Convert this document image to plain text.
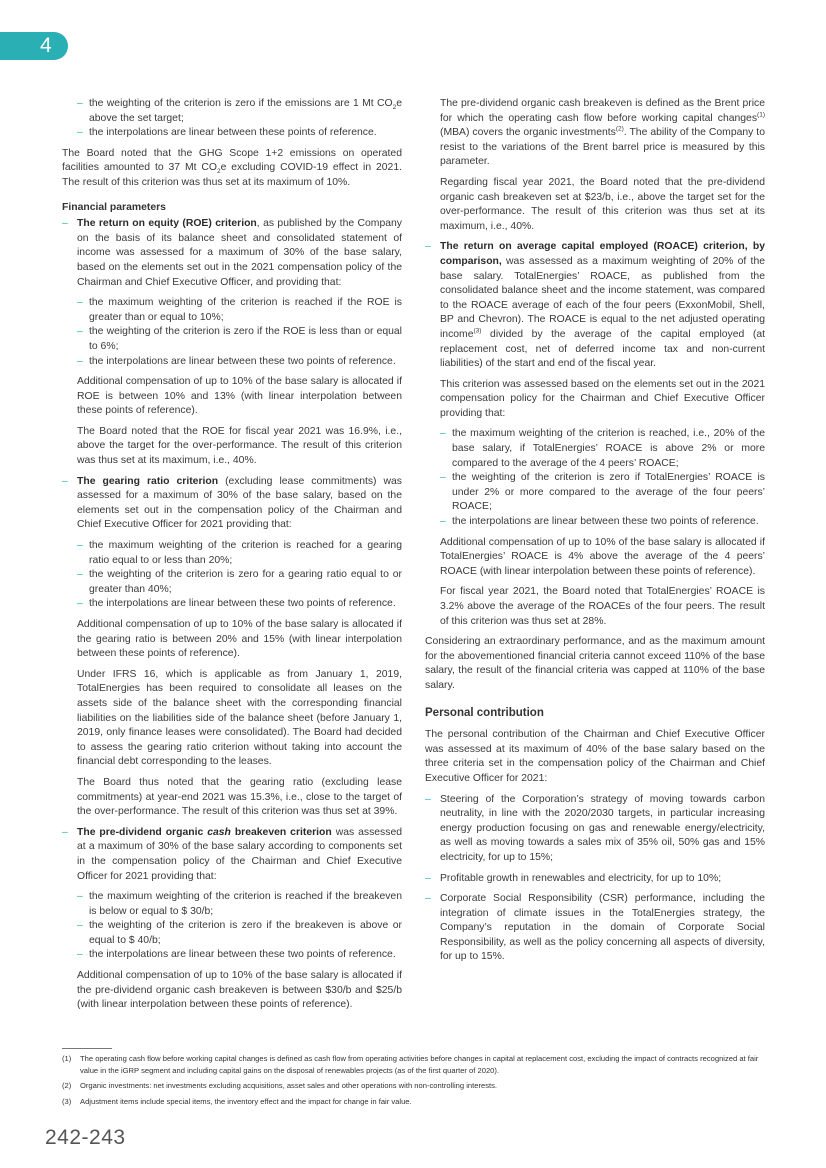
4

– the weighting of the criterion is zero if the emissions are 1 Mt $CO_2e$ above the set target;

– the interpolations are linear between these points of reference.

The Board noted that the GHG Scope 1+2 emissions on operated facilities amounted to 37 Mt $CO_2e$ excluding COVID-19 effect in 2021. The result of this criterion was thus set at its maximum of 10%.

Financial parameters

– The return on equity (ROE) criterion, as published by the Company on the basis of its balance sheet and consolidated statement of income was assessed for a maximum of 30% of the base salary, based on the elements set out in the 2021 compensation policy of the Chairman and Chief Executive Officer, and providing that:

– the maximum weighting of the criterion is reached if the ROE is greater than or equal to 10%;

– the weighting of the criterion is zero if the ROE is less than or equal to 6%;

– the interpolations are linear between these two points of reference.

Additional compensation of up to 10% of the base salary is allocated if ROE is between 10% and 13% (with linear interpolation between these points of reference).

The Board noted that the ROE for fiscal year 2021 was 16.9%, i.e., above the target for the over-performance. The result of this criterion was thus set at its maximum, i.e., 40%.

– The gearing ratio criterion (excluding lease commitments) was assessed for a maximum of 30% of the base salary, based on the elements set out in the compensation policy of the Chairman and Chief Executive Officer for 2021 providing that:

– the maximum weighting of the criterion is reached for a gearing ratio equal to or less than 20%;

– the weighting of the criterion is zero for a gearing ratio equal to or greater than 40%;

– the interpolations are linear between these two points of reference.

Additional compensation of up to 10% of the base salary is allocated if the gearing ratio is between 20% and 15% (with linear interpolation between these points of reference).

Under IFRS 16, which is applicable as from January 1, 2019, TotalEnergies has been required to consolidate all leases on the assets side of the balance sheet with the corresponding financial liabilities on the liabilities side of the balance sheet (before January 1, 2019, only finance leases were consolidated). The Board had decided to assess the gearing ratio criterion without taking into account the financial debt corresponding to the leases.

The Board thus noted that the gearing ratio (excluding lease commitments) at year-end 2021 was 15.3%, i.e., close to the target of the over-performance. The result of this criterion was thus set at 39%.

– The pre-dividend organic cash breakeven criterion was assessed at a maximum of 30% of the base salary according to components set in the compensation policy of the Chairman and Chief Executive Officer for 2021 providing that:

– the maximum weighting of the criterion is reached if the breakeven is below or equal to $ 30/b;

– the weighting of the criterion is zero if the breakeven is above or equal to $ 40/b;

– the interpolations are linear between these two points of reference.

Additional compensation of up to 10% of the base salary is allocated if the pre-dividend organic cash breakeven is between $30/b and $25/b (with linear interpolation between these points of reference).

The pre-dividend organic cash breakeven is defined as the Brent price for which the operating cash flow before working capital changes$^{(1)}$ (MBA) covers the organic investments$^{(2)}$. The ability of the Company to resist to the variations of the Brent barrel price is measured by this parameter.

Regarding fiscal year 2021, the Board noted that the pre-dividend organic cash breakeven set at $23/b, i.e., above the target set for the over-performance. The result of this criterion was thus set at its maximum, i.e., 40%.

– The return on average capital employed (ROACE) criterion, by comparison, was assessed as a maximum weighting of 20% of the base salary. TotalEnergies’ ROACE, as published from the consolidated balance sheet and the income statement, was compared to the ROACE average of each of the four peers (ExxonMobil, Shell, BP and Chevron). The ROACE is equal to the net adjusted operating income$^{(3)}$ divided by the average of the capital employed (at replacement cost, net of deferred income tax and non-current liabilities) of the start and end of the fiscal year.

This criterion was assessed based on the elements set out in the 2021 compensation policy for the Chairman and Chief Executive Officer providing that:

– the maximum weighting of the criterion is reached, i.e., 20% of the base salary, if TotalEnergies’ ROACE is above 2% or more compared to the average of the 4 peers’ ROACE;

– the weighting of the criterion is zero if TotalEnergies’ ROACE is under 2% or more compared to the average of the four peers’ ROACE;

– the interpolations are linear between these two points of reference.

Additional compensation of up to 10% of the base salary is allocated if TotalEnergies’ ROACE is 4% above the average of the 4 peers’ ROACE (with linear interpolation between these points of reference).

For fiscal year 2021, the Board noted that TotalEnergies’ ROACE is 3.2% above the average of the ROACEs of the four peers. The result of this criterion was thus set at 28%.

Considering an extraordinary performance, and as the maximum amount for the abovementioned financial criteria cannot exceed 110% of the base salary, the result of the financial criteria was capped at 110% of the base salary.

Personal contribution

The personal contribution of the Chairman and Chief Executive Officer was assessed at its maximum of 40% of the base salary based on the three criteria set in the compensation policy of the Chairman and Chief Executive Officer for 2021:

– Steering of the Corporation’s strategy of moving towards carbon neutrality, in line with the 2020/2030 targets, in particular increasing energy production focusing on gas and renewable energy/electricity, as well as moving towards a sales mix of 35% oil, 50% gas and 15% electricity, for up to 15%;

– Profitable growth in renewables and electricity, for up to 10%;

– Corporate Social Responsibility (CSR) performance, including the integration of climate issues in the TotalEnergies strategy, the Company’s reputation in the domain of Corporate Social Responsibility, as well as the policy concerning all aspects of diversity, for up to 15%.

(1) The operating cash flow before working capital changes is defined as cash flow from operating activities before changes in capital at replacement cost, excluding the impact of contracts recognized at fair value in the iGRP segment and including capital gains on the disposal of renewables projects (as of the first quarter of 2020).
(2) Organic investments: net investments excluding acquisitions, asset sales and other operations with non-controlling interests.
(3) Adjustment items include special items, the inventory effect and the impact for change in fair value.
242-243
